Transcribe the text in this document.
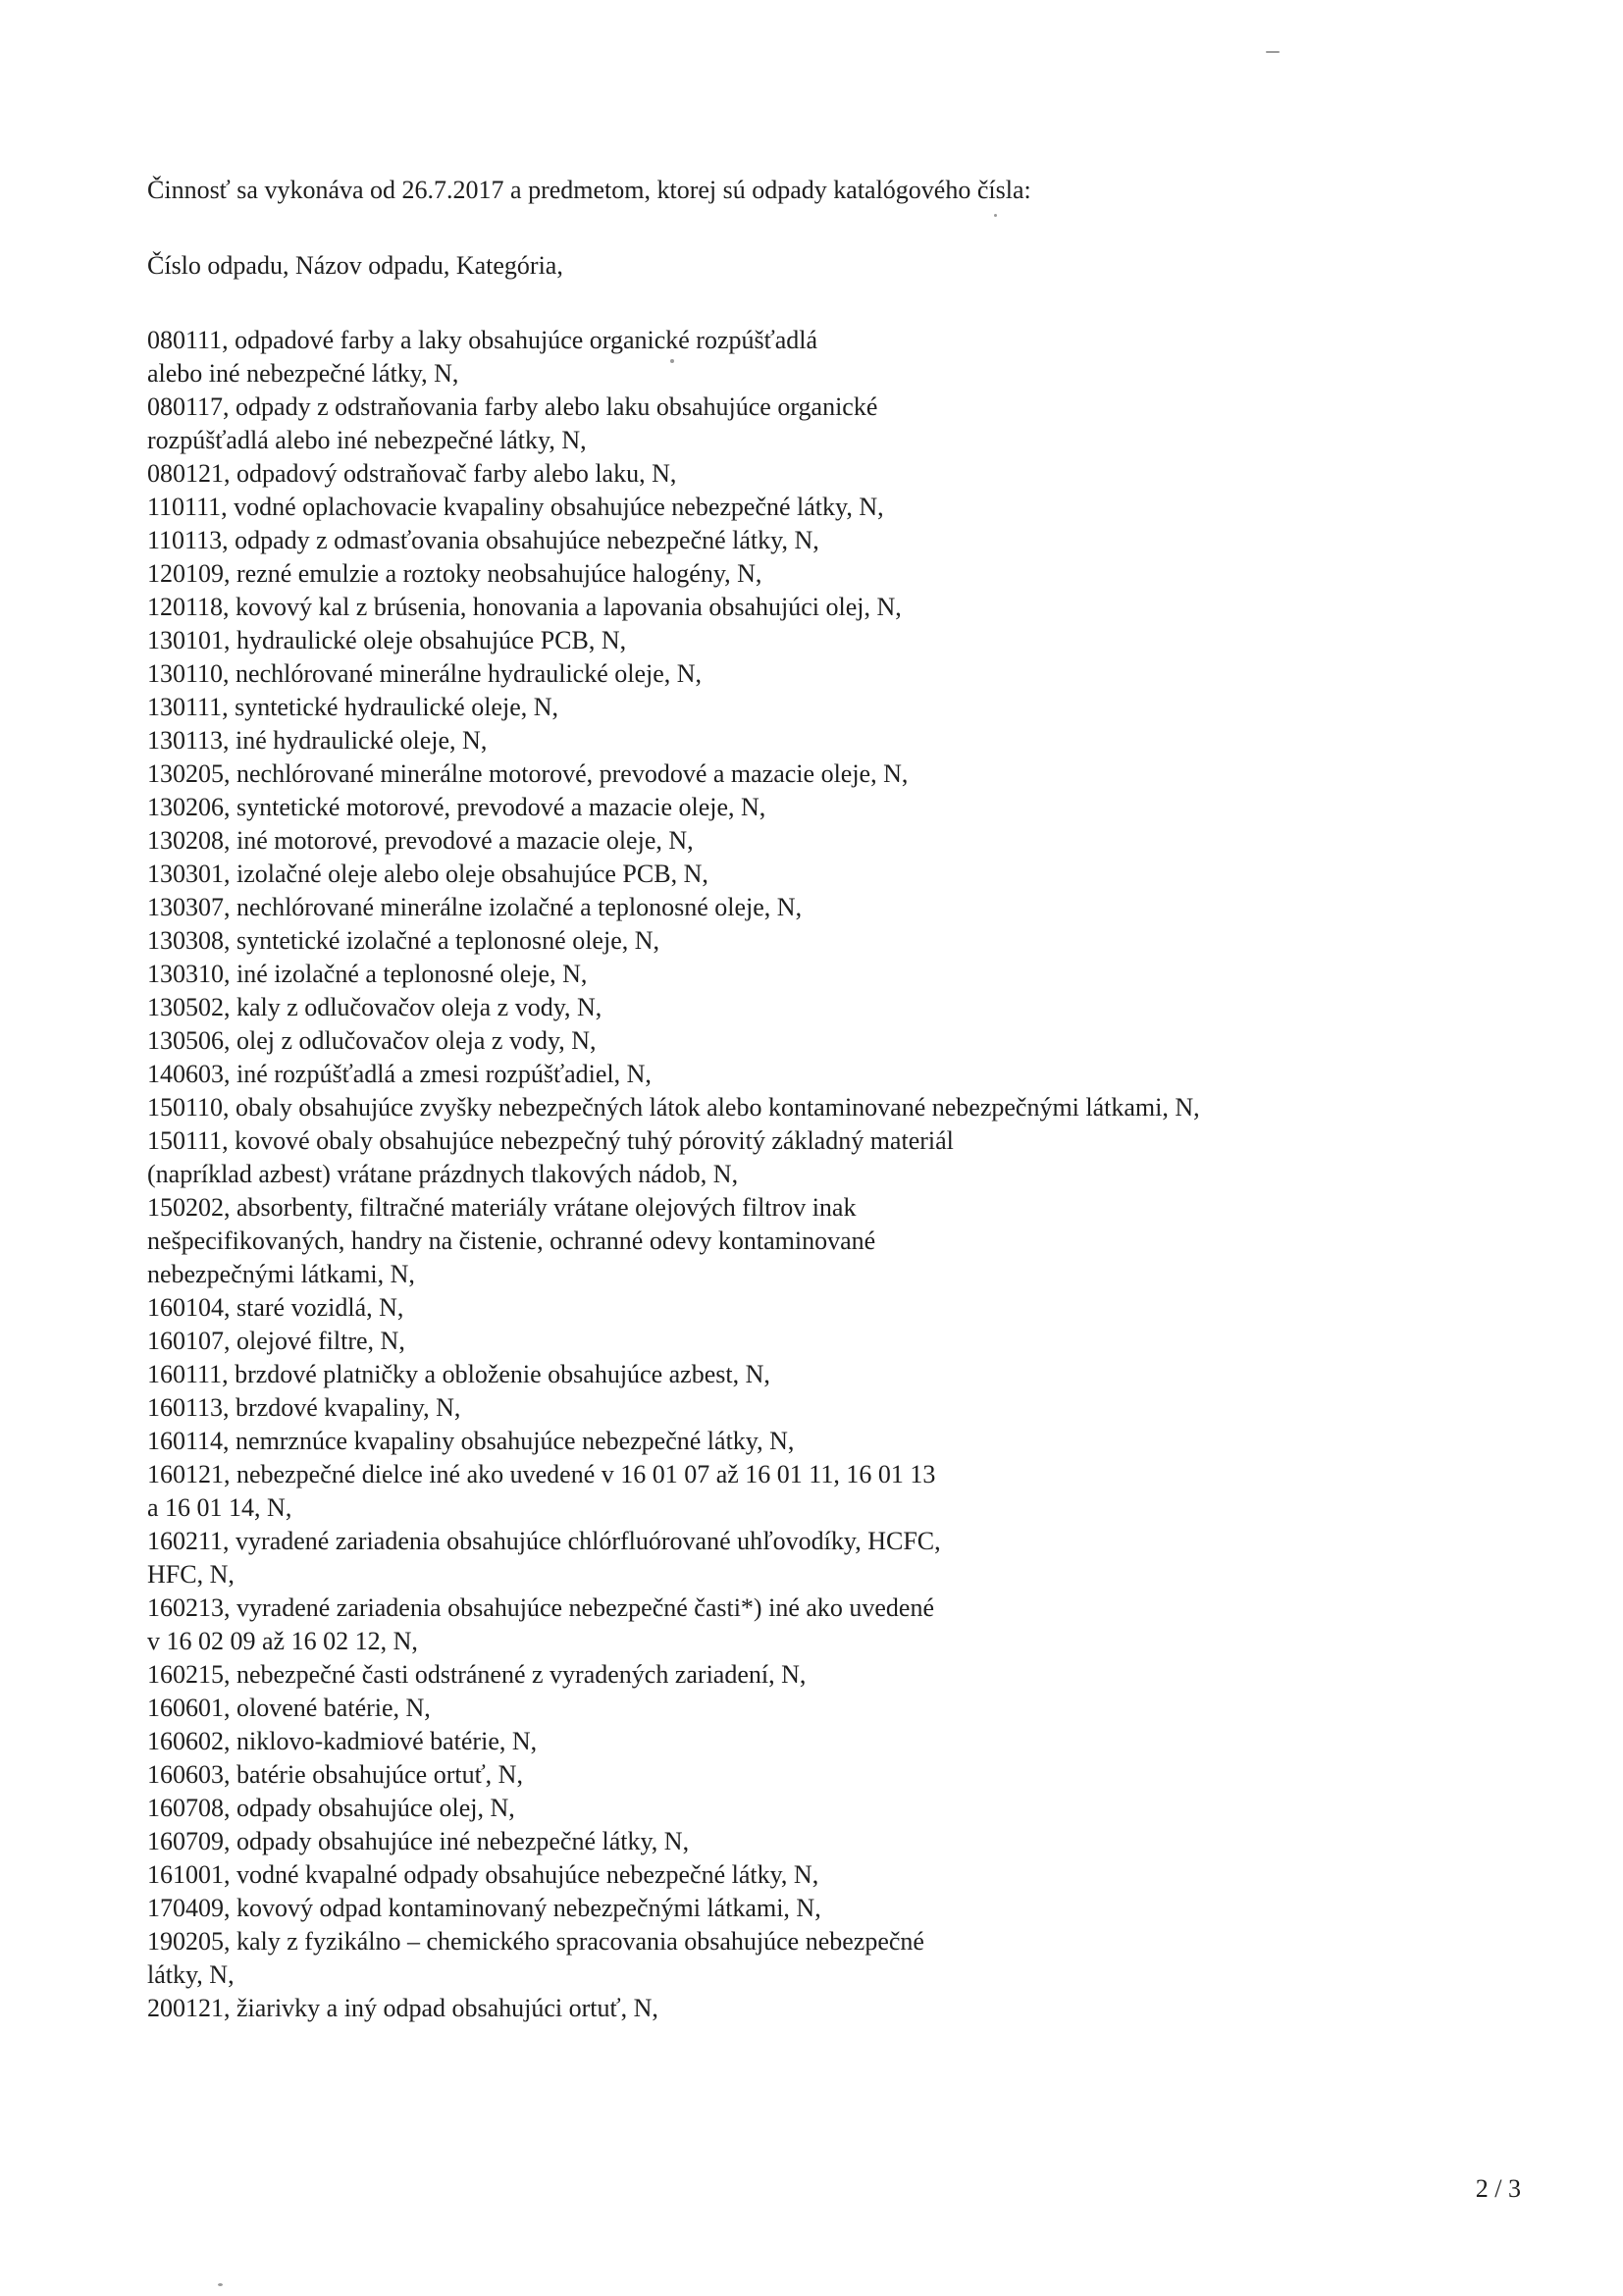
Činnosť sa vykonáva od 26.7.2017 a predmetom, ktorej sú odpady katalógového čísla:
Číslo odpadu, Názov odpadu, Kategória,
080111, odpadové farby a laky obsahujúce organické rozpúšťadlá
alebo iné nebezpečné látky, N,
080117, odpady z odstraňovania farby alebo laku obsahujúce organické
rozpúšťadlá alebo iné nebezpečné látky, N,
080121, odpadový odstraňovač farby alebo laku, N,
110111, vodné oplachovacie kvapaliny obsahujúce nebezpečné látky, N,
110113, odpady z odmasťovania obsahujúce nebezpečné látky, N,
120109, rezné emulzie a roztoky neobsahujúce halogény, N,
120118, kovový kal z brúsenia, honovania a lapovania obsahujúci olej, N,
130101, hydraulické oleje obsahujúce PCB, N,
130110, nechlórované minerálne hydraulické oleje, N,
130111, syntetické hydraulické oleje, N,
130113, iné hydraulické oleje, N,
130205, nechlórované minerálne motorové, prevodové a mazacie oleje, N,
130206, syntetické motorové, prevodové a mazacie oleje, N,
130208, iné motorové, prevodové a mazacie oleje, N,
130301, izolačné oleje alebo oleje obsahujúce PCB, N,
130307, nechlórované minerálne izolačné a teplonosné oleje, N,
130308, syntetické izolačné a teplonosné oleje, N,
130310, iné izolačné a teplonosné oleje, N,
130502, kaly z odlučovačov oleja z vody, N,
130506, olej z odlučovačov oleja z vody, N,
140603, iné rozpúšťadlá a zmesi rozpúšťadiel, N,
150110, obaly obsahujúce zvyšky nebezpečných látok alebo kontaminované nebezpečnými látkami, N,
150111, kovové obaly obsahujúce nebezpečný tuhý pórovitý základný materiál
(napríklad azbest) vrátane prázdnych tlakových nádob, N,
150202, absorbenty, filtračné materiály vrátane olejových filtrov inak
nešpecifikovaných, handry na čistenie, ochranné odevy kontaminované
nebezpečnými látkami, N,
160104, staré vozidlá, N,
160107, olejové filtre, N,
160111, brzdové platničky a obloženie obsahujúce azbest, N,
160113, brzdové kvapaliny, N,
160114, nemrznúce kvapaliny obsahujúce nebezpečné látky, N,
160121, nebezpečné dielce iné ako uvedené v 16 01 07 až 16 01 11, 16 01 13
a 16 01 14, N,
160211, vyradené zariadenia obsahujúce chlórfluórované uhľovodíky, HCFC,
HFC, N,
160213, vyradené zariadenia obsahujúce nebezpečné časti*) iné ako uvedené
v 16 02 09 až 16 02 12, N,
160215, nebezpečné časti odstránené z vyradených zariadení, N,
160601, olovené batérie, N,
160602, niklovo-kadmiové batérie, N,
160603, batérie obsahujúce ortuť, N,
160708, odpady obsahujúce olej, N,
160709, odpady obsahujúce iné nebezpečné látky, N,
161001, vodné kvapalné odpady obsahujúce nebezpečné látky, N,
170409, kovový odpad kontaminovaný nebezpečnými látkami, N,
190205, kaly z fyzikálno – chemického spracovania obsahujúce nebezpečné
látky, N,
200121, žiarivky a iný odpad obsahujúci ortuť, N,
2 / 3
